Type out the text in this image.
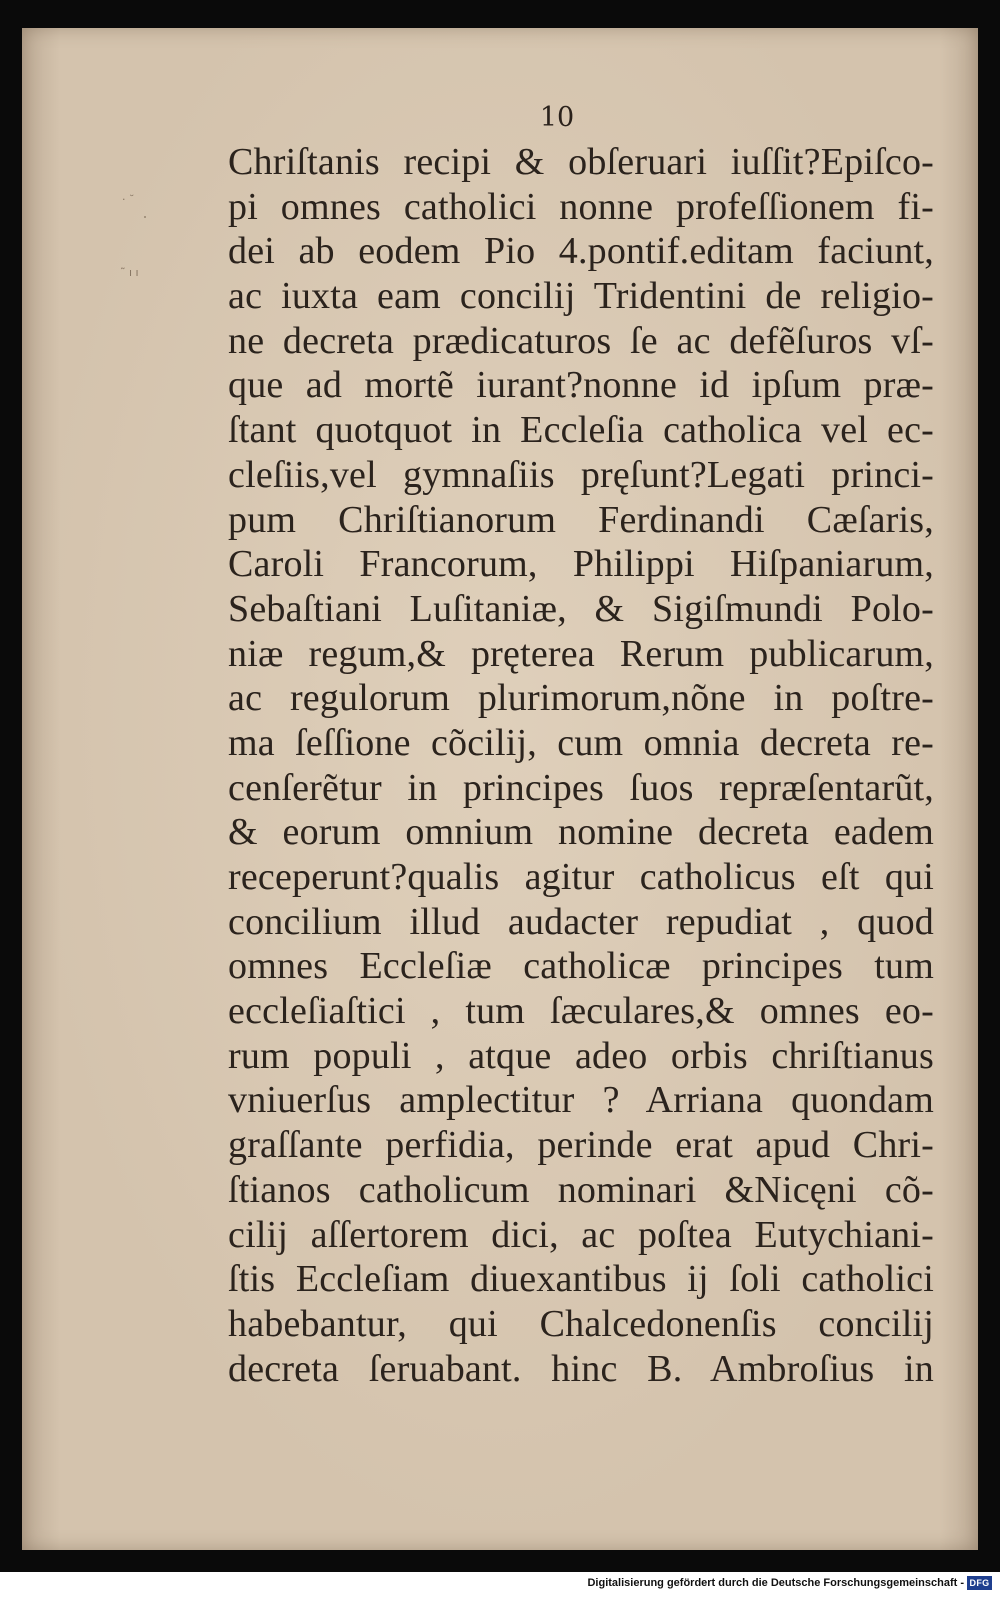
10
· ˘
˜ ı ı
Chriſtanis recipi & obſeruari iuſſit?Epiſco-
pi omnes catholici nonne profeſſionem fi-
dei ab eodem Pio 4.pontif.editam faciunt,
ac iuxta eam concilij Tridentini de religio-
ne decreta prædicaturos ſe ac defẽſuros vſ-
que ad mortẽ iurant?nonne id ipſum præ-
ſtant quotquot in Eccleſia catholica vel ec-
cleſiis,vel gymnaſiis pręſunt?Legati princi-
pum Chriſtianorum Ferdinandi Cæſaris,
Caroli Francorum, Philippi Hiſpaniarum,
Sebaſtiani Luſitaniæ, & Sigiſmundi Polo-
niæ regum,& pręterea Rerum publicarum,
ac regulorum plurimorum,nõne in poſtre-
ma ſeſſione cõcilij, cum omnia decreta re-
cenſerẽtur in principes ſuos repræſentarũt,
& eorum omnium nomine decreta eadem
receperunt?qualis agitur catholicus eſt qui
concilium illud audacter repudiat , quod
omnes Eccleſiæ catholicæ principes tum
eccleſiaſtici , tum ſæculares,& omnes eo-
rum populi , atque adeo orbis chriſtianus
vniuerſus amplectitur ? Arriana quondam
graſſante perfidia, perinde erat apud Chri-
ſtianos catholicum nominari &Nicęni cõ-
cilij aſſertorem dici, ac poſtea Eutychiani-
ſtis Eccleſiam diuexantibus ij ſoli catholici
habebantur, qui Chalcedonenſis concilij
decreta ſeruabant. hinc B. Ambroſius in
Digitalisierung gefördert durch die Deutsche Forschungsgemeinschaft - DFG
